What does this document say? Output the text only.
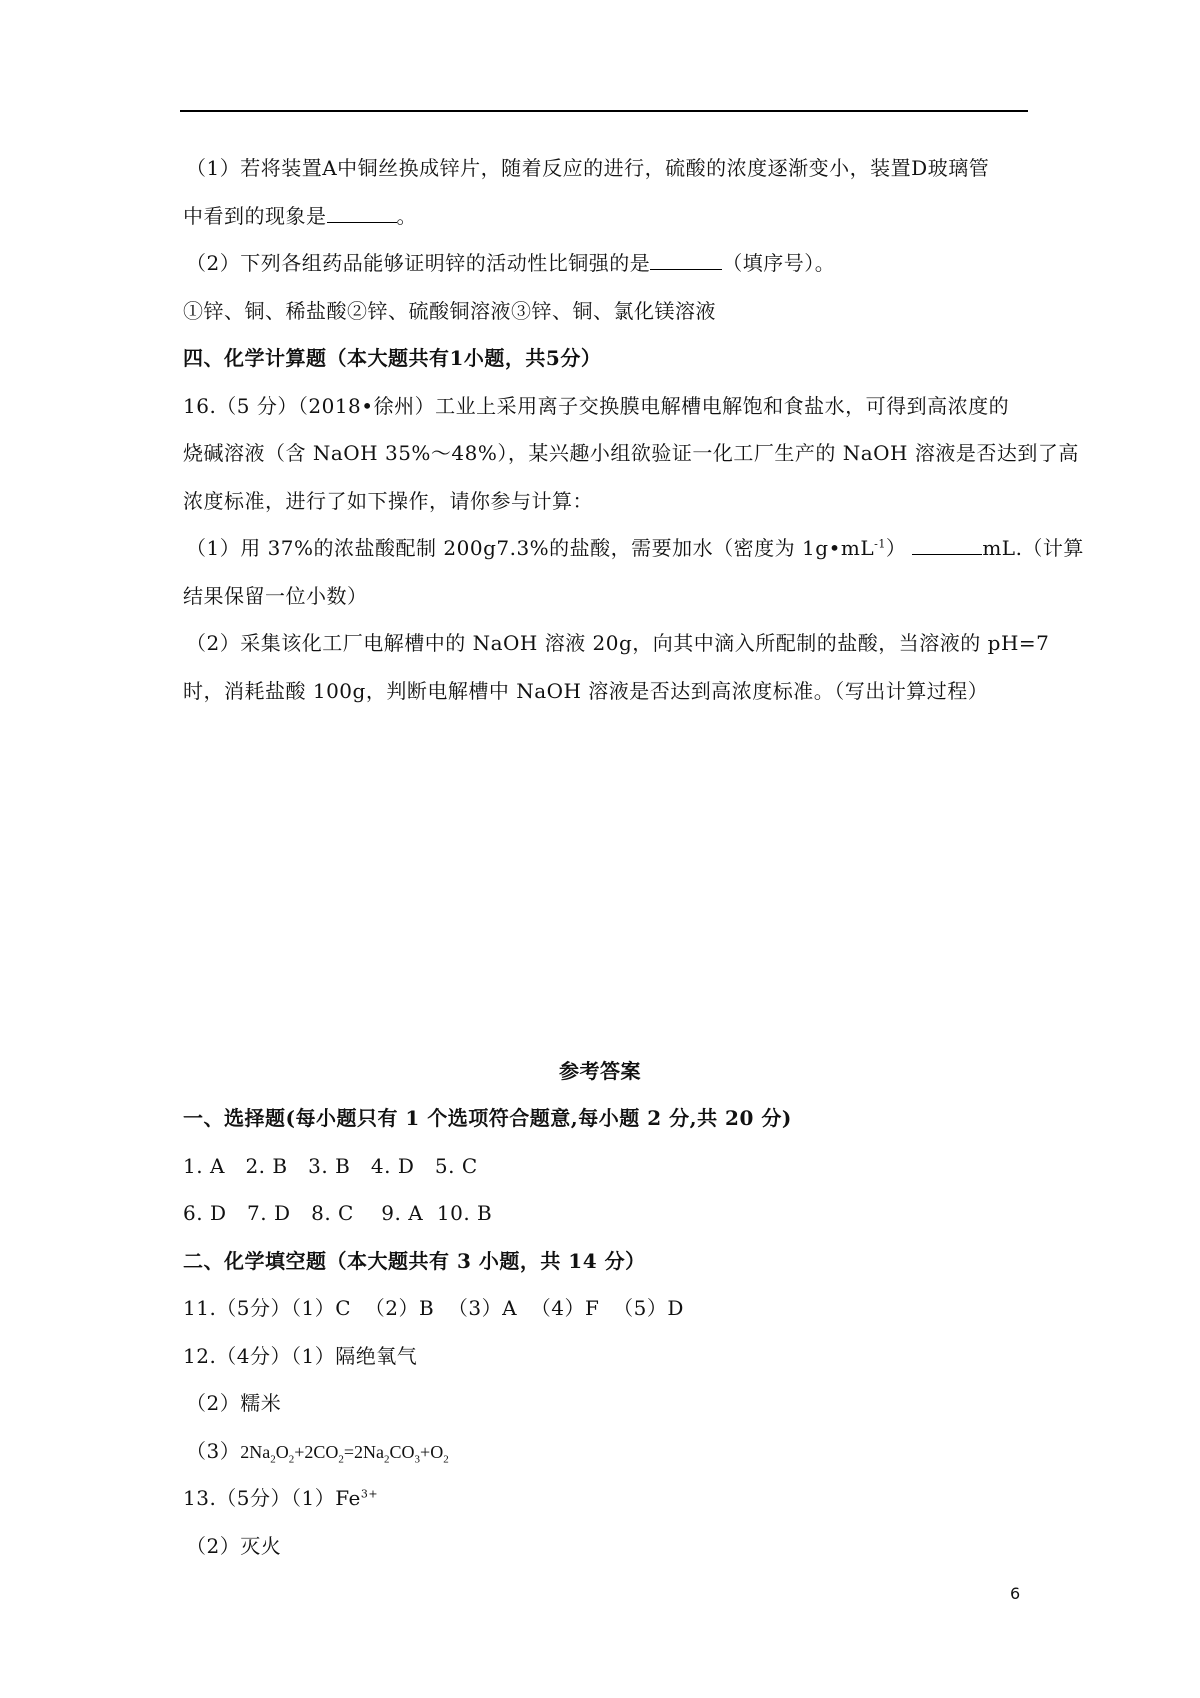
（1）若将装置A中铜丝换成锌片，随着反应的进行，硫酸的浓度逐渐变小，装置D玻璃管
中看到的现象是	。
（2）下列各组药品能够证明锌的活动性比铜强的是	（填序号）。
①锌、铜、稀盐酸②锌、硫酸铜溶液③锌、铜、氯化镁溶液
四、化学计算题（本大题共有1小题，共5分）
16.（5 分）（2018•徐州）工业上采用离子交换膜电解槽电解饱和食盐水，可得到高浓度的
烧碱溶液（含 NaOH 35%～48%），某兴趣小组欲验证一化工厂生产的 NaOH 溶液是否达到了高
浓度标准，进行了如下操作，请你参与计算：
（1）用 37%的浓盐酸配制 200g7.3%的盐酸，需要加水（密度为 $1g•mL^{-1}$）	mL.（计算
结果保留一位小数）
（2）采集该化工厂电解槽中的 NaOH 溶液 20g，向其中滴入所配制的盐酸，当溶液的 pH=7
时，消耗盐酸 100g，判断电解槽中 NaOH 溶液是否达到高浓度标准。（写出计算过程）
参考答案
一、选择题(每小题只有 1 个选项符合题意,每小题 2 分,共 20 分)
1. A   2. B   3. B   4. D   5. C
6. D   7. D   8. C    9. A  10. B
二、化学填空题（本大题共有 3 小题，共 14 分）
11.（5分）（1）C  （2）B  （3）A  （4）F  （5）D
12.（4分）（1）隔绝氧气
（2）糯米
$(3)2Na_2O_2+2CO_2=2Na_2CO_3+O_2$
13.（5分）$(1)Fe^{3+}$
（2）灭火
6
